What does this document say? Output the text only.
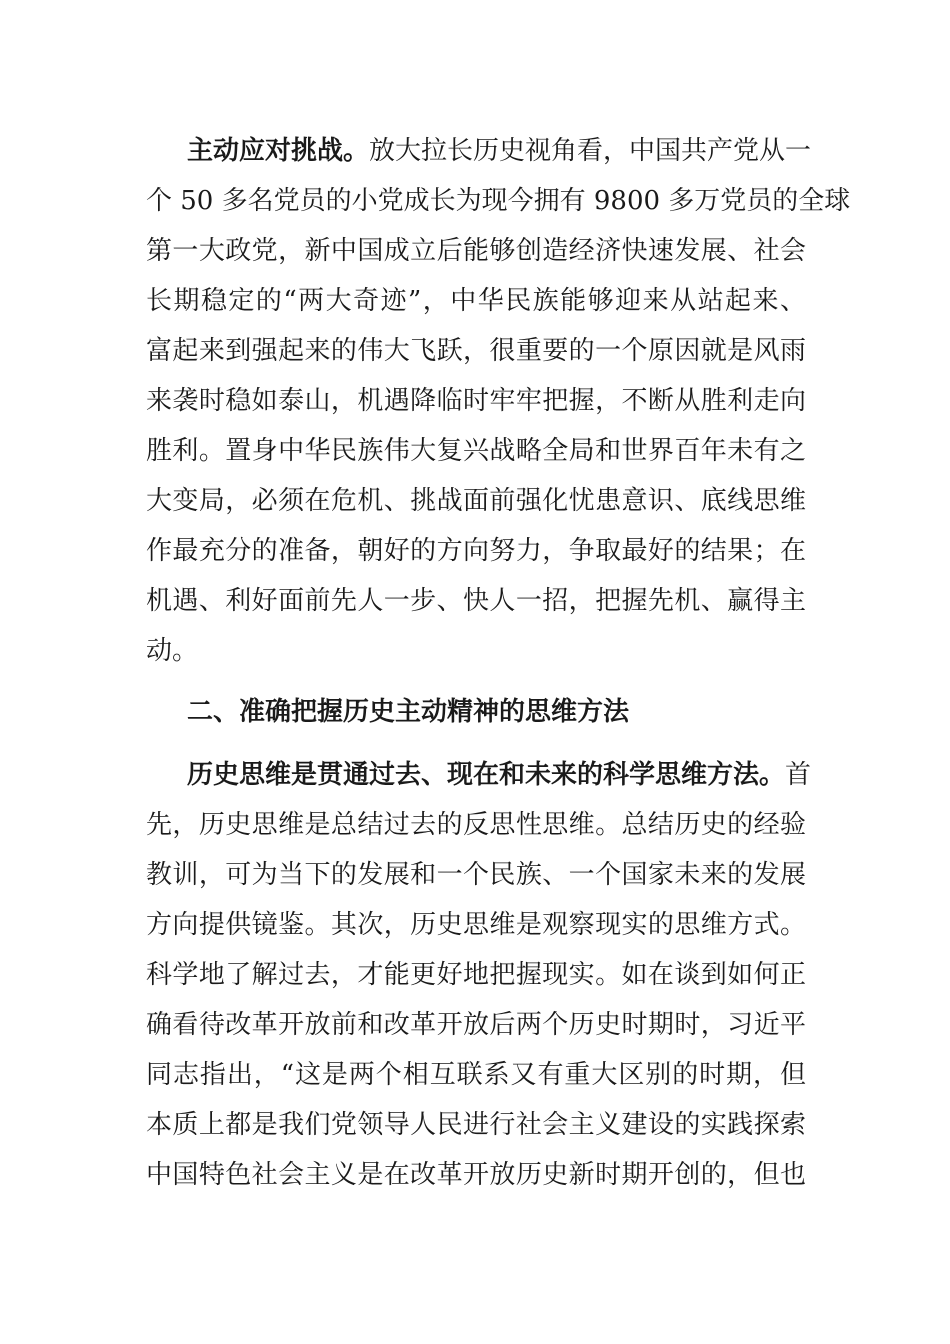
主动应对挑战。放大拉长历史视角看，中国共产党从一
个 50 多名党员的小党成长为现今拥有 9800 多万党员的全球
第一大政党，新中国成立后能够创造经济快速发展、社会
长期稳定的“两大奇迹”，中华民族能够迎来从站起来、
富起来到强起来的伟大飞跃，很重要的一个原因就是风雨
来袭时稳如泰山，机遇降临时牢牢把握，不断从胜利走向
胜利。置身中华民族伟大复兴战略全局和世界百年未有之
大变局，必须在危机、挑战面前强化忧患意识、底线思维
作最充分的准备，朝好的方向努力，争取最好的结果；在
机遇、利好面前先人一步、快人一招，把握先机、赢得主
动。
二、准确把握历史主动精神的思维方法
历史思维是贯通过去、现在和未来的科学思维方法。首
先，历史思维是总结过去的反思性思维。总结历史的经验
教训，可为当下的发展和一个民族、一个国家未来的发展
方向提供镜鉴。其次，历史思维是观察现实的思维方式。
科学地了解过去，才能更好地把握现实。如在谈到如何正
确看待改革开放前和改革开放后两个历史时期时，习近平
同志指出，“这是两个相互联系又有重大区别的时期，但
本质上都是我们党领导人民进行社会主义建设的实践探索
中国特色社会主义是在改革开放历史新时期开创的，但也
